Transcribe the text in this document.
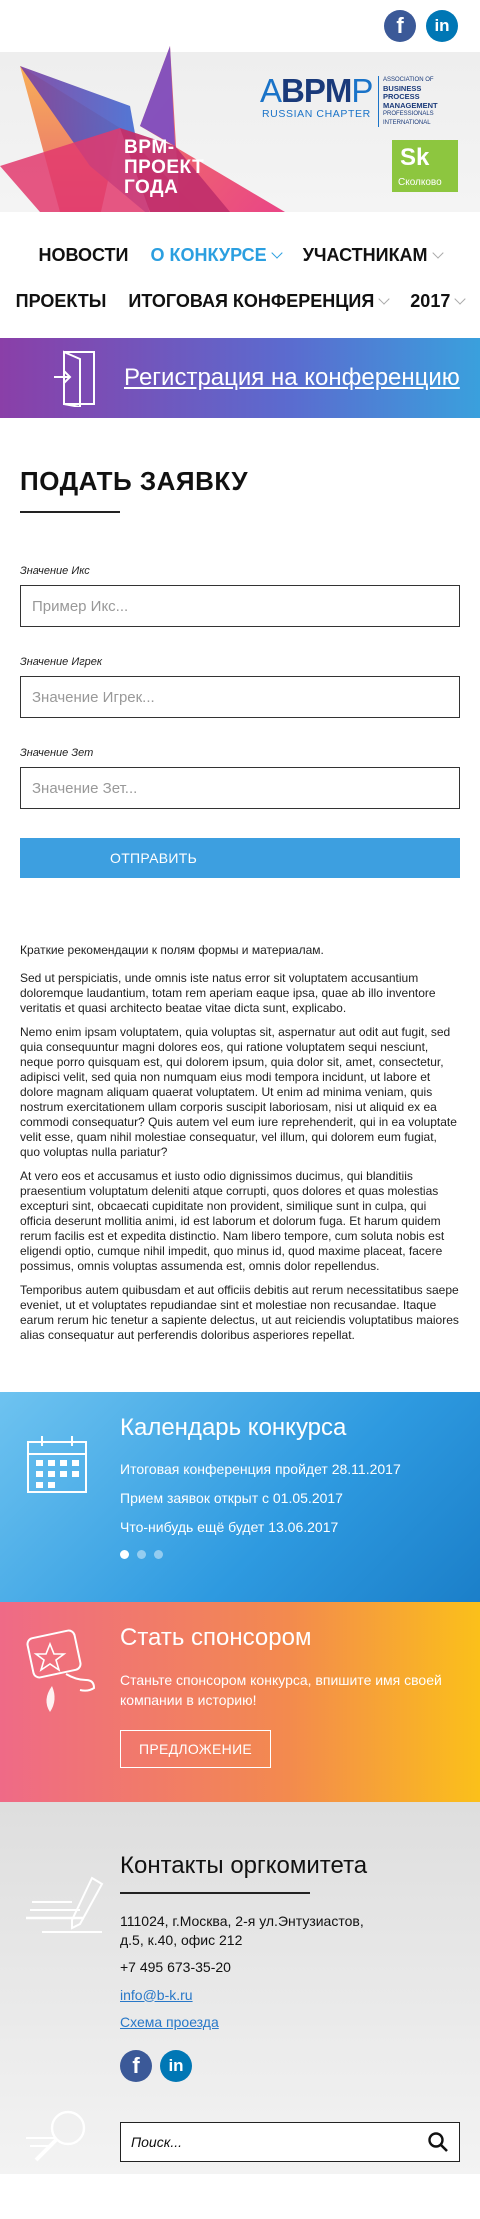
f in
BPM-
ПРОЕКТ
ГОДА
ABPMP
RUSSIAN CHAPTER
ASSOCIATION OF
BUSINESS
PROCESS
MANAGEMENT
PROFESSIONALS
INTERNATIONAL
Sk
Сколково
НОВОСТИ О КОНКУРСЕ	УЧАСТНИКАМ
ПРОЕКТЫ ИТОГОВАЯ КОНФЕРЕНЦИЯ	2017
Регистрация на конференцию
ПОДАТЬ ЗАЯВКУ
Значение Икс
Пример Икс...
Значение Игрек
Значение Игрек...
Значение Зет
Значение Зет...
ОТПРАВИТЬ

Краткие рекомендации к полям формы и материалам.

Sed ut perspiciatis, unde omnis iste natus error sit voluptatem accusantium doloremque laudantium, totam rem aperiam eaque ipsa, quae ab illo inventore veritatis et quasi architecto beatae vitae dicta sunt, explicabo.

Nemo enim ipsam voluptatem, quia voluptas sit, aspernatur aut odit aut fugit, sed quia consequuntur magni dolores eos, qui ratione voluptatem sequi nesciunt, neque porro quisquam est, qui dolorem ipsum, quia dolor sit, amet, consectetur, adipisci velit, sed quia non numquam eius modi tempora incidunt, ut labore et dolore magnam aliquam quaerat voluptatem. Ut enim ad minima veniam, quis nostrum exercitationem ullam corporis suscipit laboriosam, nisi ut aliquid ex ea commodi consequatur? Quis autem vel eum iure reprehenderit, qui in ea voluptate velit esse, quam nihil molestiae consequatur, vel illum, qui dolorem eum fugiat, quo voluptas nulla pariatur?

At vero eos et accusamus et iusto odio dignissimos ducimus, qui blanditiis praesentium voluptatum deleniti atque corrupti, quos dolores et quas molestias excepturi sint, obcaecati cupiditate non provident, similique sunt in culpa, qui officia deserunt mollitia animi, id est laborum et dolorum fuga. Et harum quidem rerum facilis est et expedita distinctio. Nam libero tempore, cum soluta nobis est eligendi optio, cumque nihil impedit, quo minus id, quod maxime placeat, facere possimus, omnis voluptas assumenda est, omnis dolor repellendus.

Temporibus autem quibusdam et aut officiis debitis aut rerum necessitatibus saepe eveniet, ut et voluptates repudiandae sint et molestiae non recusandae. Itaque earum rerum hic tenetur a sapiente delectus, ut aut reiciendis voluptatibus maiores alias consequatur aut perferendis doloribus asperiores repellat.

Календарь конкурса
Итоговая конференция пройдет 28.11.2017
Прием заявок открыт с 01.05.2017
Что-нибудь ещё будет 13.06.2017
Стать спонсором
Станьте спонсором конкурса, впишите имя своей компании в историю!
ПРЕДЛОЖЕНИЕ
Контакты оргкомитета
111024, г.Москва, 2-я ул.Энтузиастов,
д.5, к.40, офис 212
+7 495 673-35-20
info@b-k.ru
Схема проезда
f in
Поиск...
